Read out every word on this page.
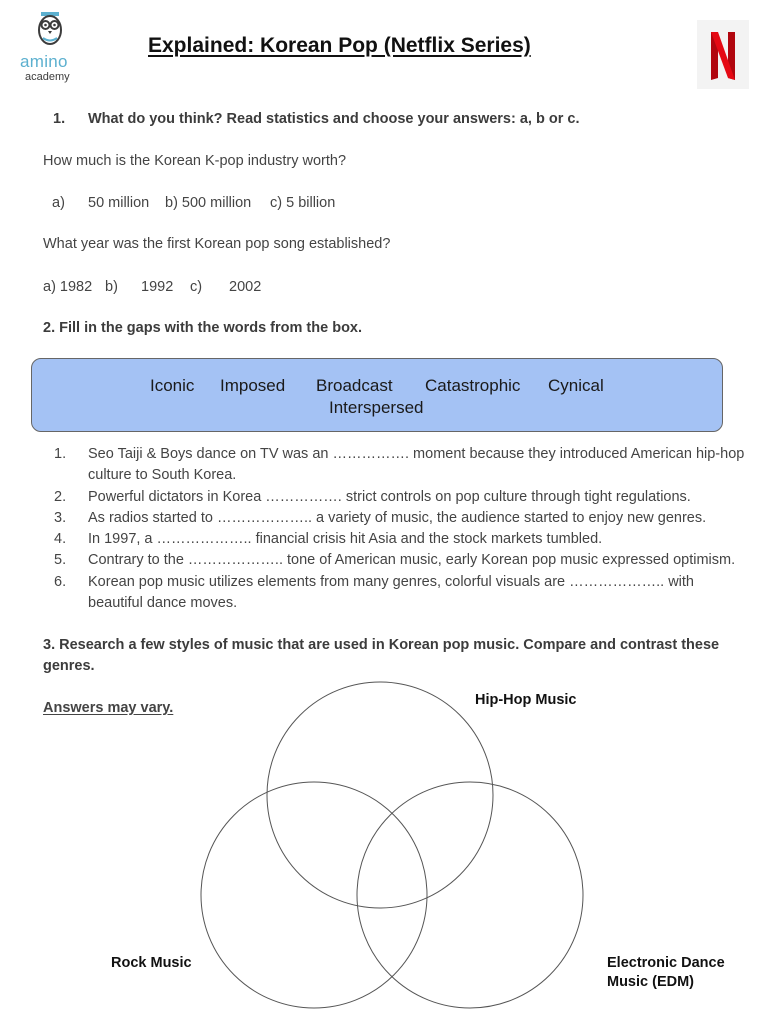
amino
academy
Explained: Korean Pop (Netflix Series)
1. What do you think? Read statistics and choose your answers: a, b or c.
How much is the Korean K-pop industry worth?
a) 50 million b) 500 million c) 5 billion
What year was the first Korean pop song established?
a) 1982 b) 1992 c) 2002
2. Fill in the gaps with the words from the box.
Iconic Imposed Broadcast Catastrophic Cynical
Interspersed
1.	Seo Taiji & Boys dance on TV was an ……………. moment because they introduced American hip-hop culture to South Korea.
2.	Powerful dictators in Korea ……………. strict controls on pop culture through tight regulations.
3.	As radios started to ……………….. a variety of music, the audience started to enjoy new genres.
4.	In 1997, a ……………….. financial crisis hit Asia and the stock markets tumbled.
5.	Contrary to the ……………….. tone of American music, early Korean pop music expressed optimism.
6.	Korean pop music utilizes elements from many genres, colorful visuals are ……………….. with beautiful dance moves.
3. Research a few styles of music that are used in Korean pop music. Compare and contrast these
genres.
Answers may vary.	Hip-Hop Music
Rock Music	Electronic Dance
Music (EDM)
